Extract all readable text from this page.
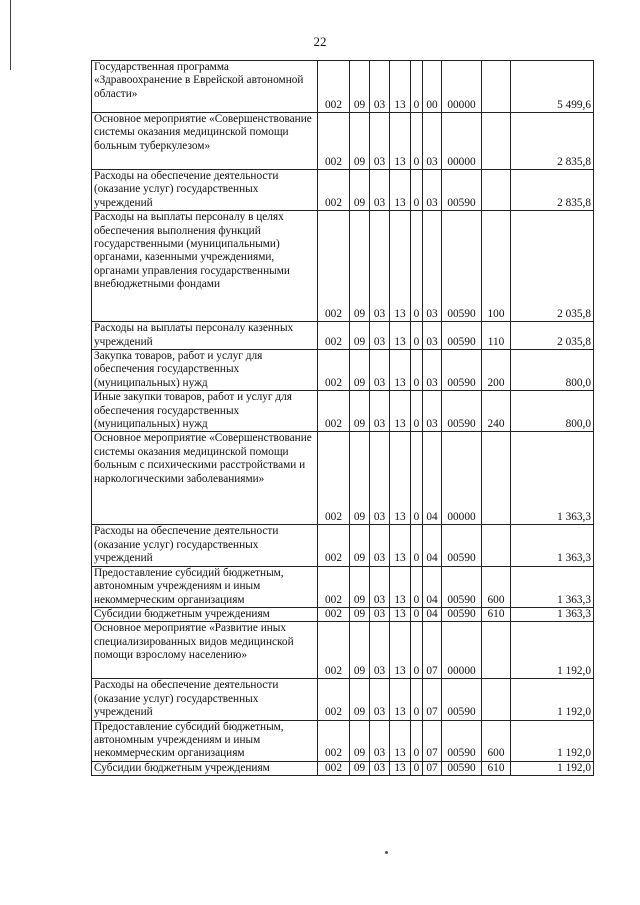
22
Государственная программа «Здравоохранение в Еврейской автономной области»	002	09	03	13	0	00	00000		5 499,6
Основное мероприятие «Совершенствование системы оказания медицинской помощи больным туберкулезом»	002	09	03	13	0	03	00000		2 835,8
Расходы на обеспечение деятельности (оказание услуг) государственных учреждений	002	09	03	13	0	03	00590		2 835,8
Расходы на выплаты персоналу в целях обеспечения выполнения функций государственными (муниципальными) органами, казенными учреждениями, органами управления государственными внебюджетными фондами	002	09	03	13	0	03	00590	100	2 035,8
Расходы на выплаты персоналу казенных учреждений	002	09	03	13	0	03	00590	110	2 035,8
Закупка товаров, работ и услуг для обеспечения государственных (муниципальных) нужд	002	09	03	13	0	03	00590	200	800,0
Иные закупки товаров, работ и услуг для обеспечения государственных (муниципальных) нужд	002	09	03	13	0	03	00590	240	800,0
Основное мероприятие «Совершенствование системы оказания медицинской помощи больным с психическими расстройствами и наркологическими заболеваниями»	002	09	03	13	0	04	00000		1 363,3
Расходы на обеспечение деятельности (оказание услуг) государственных учреждений	002	09	03	13	0	04	00590		1 363,3
Предоставление субсидий бюджетным, автономным учреждениям и иным некоммерческим организациям	002	09	03	13	0	04	00590	600	1 363,3
Субсидии бюджетным учреждениям	002	09	03	13	0	04	00590	610	1 363,3
Основное мероприятие «Развитие иных специализированных видов медицинской помощи взрослому населению»	002	09	03	13	0	07	00000		1 192,0
Расходы на обеспечение деятельности (оказание услуг) государственных учреждений	002	09	03	13	0	07	00590		1 192,0
Предоставление субсидий бюджетным, автономным учреждениям и иным некоммерческим организациям	002	09	03	13	0	07	00590	600	1 192,0
Субсидии бюджетным учреждениям	002	09	03	13	0	07	00590	610	1 192,0
